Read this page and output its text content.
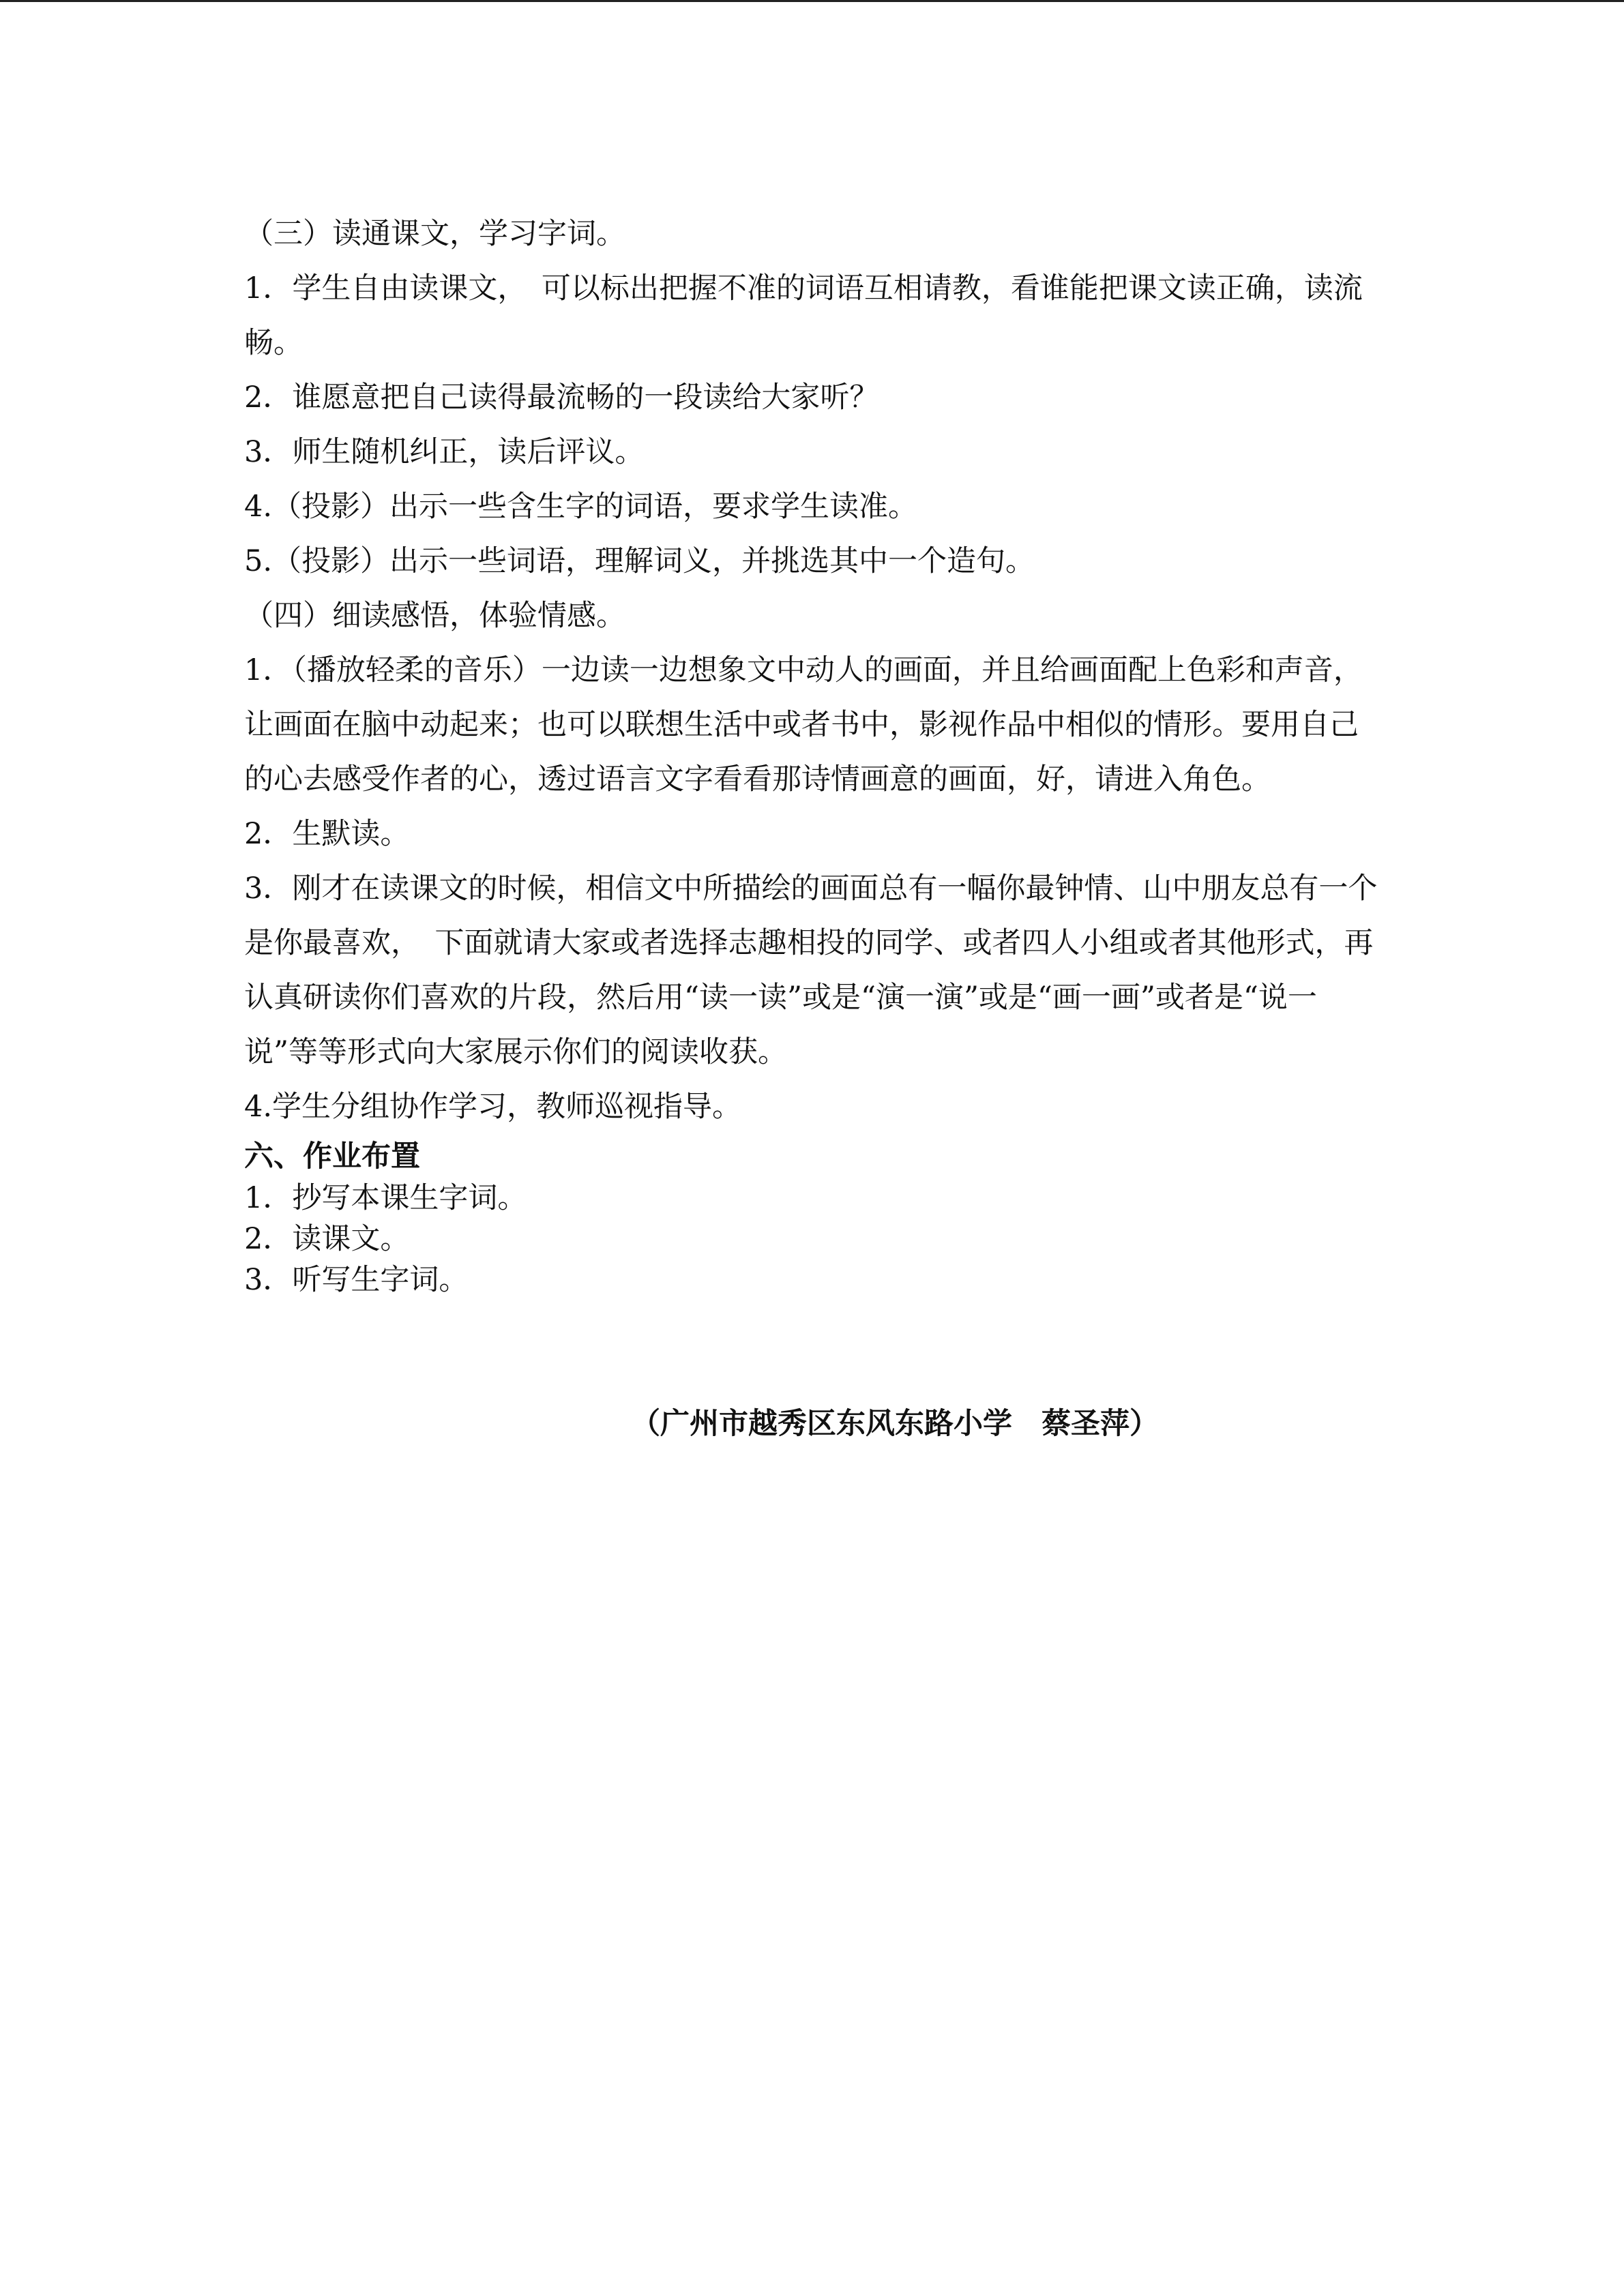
（三）读通课文，学习字词。

1．学生自由读课文，　可以标出把握不准的词语互相请教，看谁能把课文读正确，读流畅。

2．谁愿意把自己读得最流畅的一段读给大家听？

3．师生随机纠正，读后评议。

4.（投影）出示一些含生字的词语，要求学生读准。

5.（投影）出示一些词语，理解词义，并挑选其中一个造句。

（四）细读感悟，体验情感。

1．（播放轻柔的音乐）一边读一边想象文中动人的画面，并且给画面配上色彩和声音，让画面在脑中动起来；也可以联想生活中或者书中，影视作品中相似的情形。要用自己的心去感受作者的心，透过语言文字看看那诗情画意的画面，好，请进入角色。

2．生默读。

3．刚才在读课文的时候，相信文中所描绘的画面总有一幅你最钟情、山中朋友总有一个是你最喜欢，　下面就请大家或者选择志趣相投的同学、或者四人小组或者其他形式，再认真研读你们喜欢的片段，然后用“读一读”或是“演一演”或是“画一画”或者是“说一说”等等形式向大家展示你们的阅读收获。

4.学生分组协作学习，教师巡视指导。

六、作业布置

1．抄写本课生字词。

2．读课文。

3．听写生字词。

（广州市越秀区东风东路小学　蔡圣萍）
